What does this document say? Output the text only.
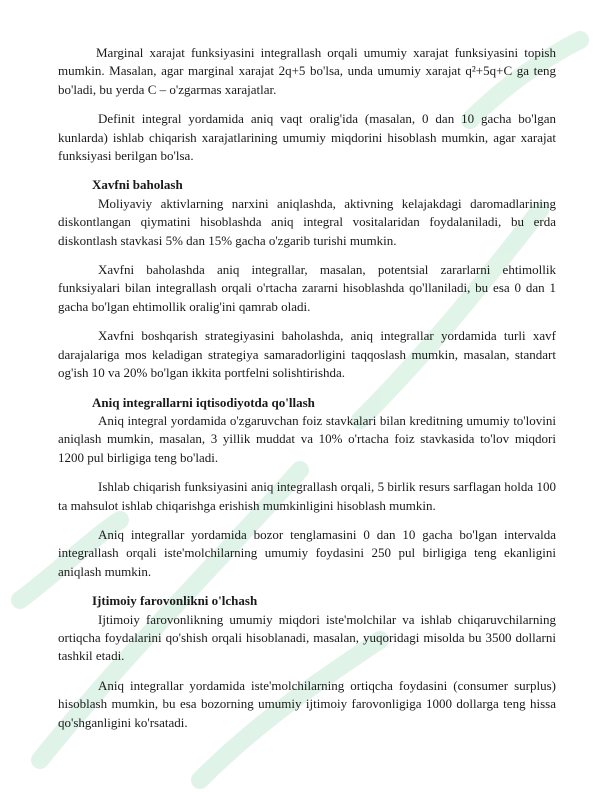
Marginal xarajat funksiyasini integrallash orqali umumiy xarajat funksiyasini topish mumkin. Masalan, agar marginal xarajat 2q+5 bo'lsa, unda umumiy xarajat q²+5q+C ga teng bo'ladi, bu yerda C – o'zgarmas xarajatlar.

Definit integral yordamida aniq vaqt oralig'ida (masalan, 0 dan 10 gacha bo'lgan kunlarda) ishlab chiqarish xarajatlarining umumiy miqdorini hisoblash mumkin, agar xarajat funksiyasi berilgan bo'lsa.

Xavfni baholash

Moliyaviy aktivlarning narxini aniqlashda, aktivning kelajakdagi daromadlarining diskontlangan qiymatini hisoblashda aniq integral vositalaridan foydalaniladi, bu erda diskontlash stavkasi 5% dan 15% gacha o'zgarib turishi mumkin.

Xavfni baholashda aniq integrallar, masalan, potentsial zararlarni ehtimollik funksiyalari bilan integrallash orqali o'rtacha zararni hisoblashda qo'llaniladi, bu esa 0 dan 1 gacha bo'lgan ehtimollik oralig'ini qamrab oladi.

Xavfni boshqarish strategiyasini baholashda, aniq integrallar yordamida turli xavf darajalariga mos keladigan strategiya samaradorligini taqqoslash mumkin, masalan, standart og'ish 10 va 20% bo'lgan ikkita portfelni solishtirishda.

Aniq integrallarni iqtisodiyotda qo'llash

Aniq integral yordamida o'zgaruvchan foiz stavkalari bilan kreditning umumiy to'lovini aniqlash mumkin, masalan, 3 yillik muddat va 10% o'rtacha foiz stavkasida to'lov miqdori 1200 pul birligiga teng bo'ladi.

Ishlab chiqarish funksiyasini aniq integrallash orqali, 5 birlik resurs sarflagan holda 100 ta mahsulot ishlab chiqarishga erishish mumkinligini hisoblash mumkin.

Aniq integrallar yordamida bozor tenglamasini 0 dan 10 gacha bo'lgan intervalda integrallash orqali iste'molchilarning umumiy foydasini 250 pul birligiga teng ekanligini aniqlash mumkin.

Ijtimoiy farovonlikni o'lchash

Ijtimoiy farovonlikning umumiy miqdori iste'molchilar va ishlab chiqaruvchilarning ortiqcha foydalarini qo'shish orqali hisoblanadi, masalan, yuqoridagi misolda bu 3500 dollarni tashkil etadi.

Aniq integrallar yordamida iste'molchilarning ortiqcha foydasini (consumer surplus) hisoblash mumkin, bu esa bozorning umumiy ijtimoiy farovonligiga 1000 dollarga teng hissa qo'shganligini ko'rsatadi.
